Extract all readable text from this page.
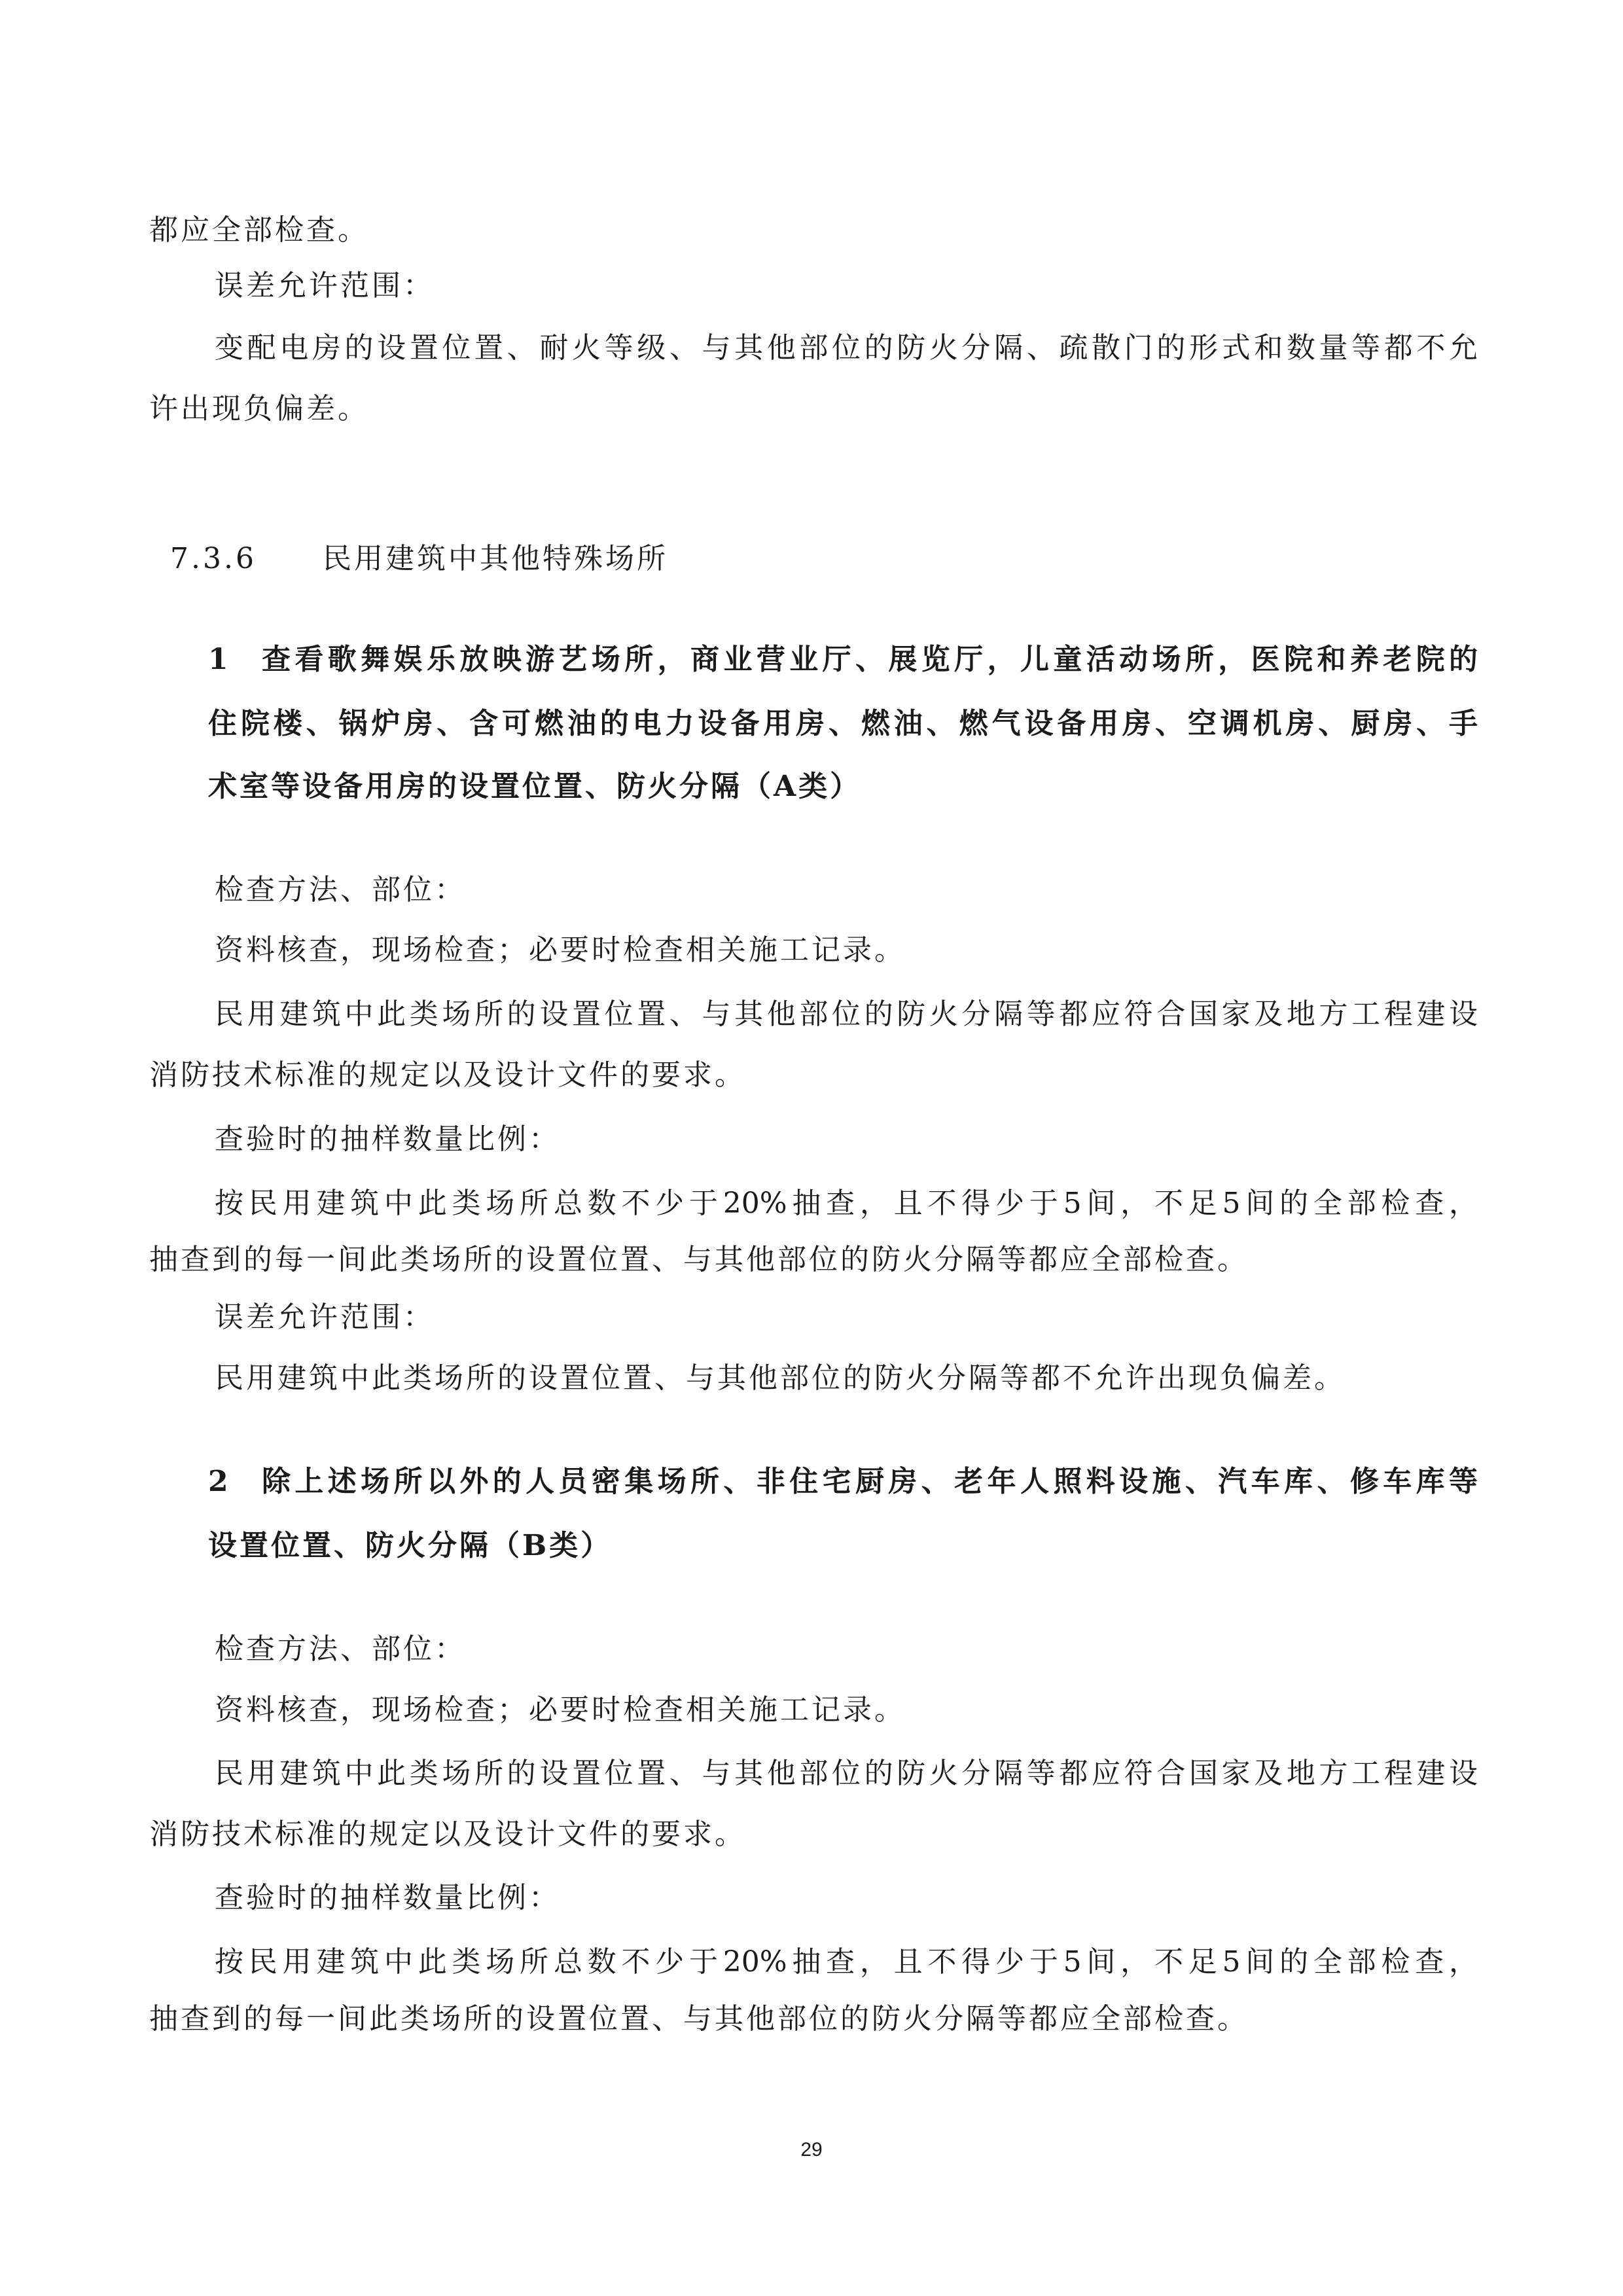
都应全部检查。

误差允许范围：

变配电房的设置位置、耐火等级、与其他部位的防火分隔、疏散门的形式和数量等都不允

许出现负偏差。

7.3.6 民用建筑中其他特殊场所

1 查看歌舞娱乐放映游艺场所，商业营业厅、展览厅，儿童活动场所，医院和养老院的

住院楼、锅炉房、含可燃油的电力设备用房、燃油、燃气设备用房、空调机房、厨房、手

术室等设备用房的设置位置、防火分隔（A类）

检查方法、部位：

资料核查，现场检查；必要时检查相关施工记录。

民用建筑中此类场所的设置位置、与其他部位的防火分隔等都应符合国家及地方工程建设

消防技术标准的规定以及设计文件的要求。

查验时的抽样数量比例：

按民用建筑中此类场所总数不少于20%抽查，且不得少于5间，不足5间的全部检查，

抽查到的每一间此类场所的设置位置、与其他部位的防火分隔等都应全部检查。

误差允许范围：

民用建筑中此类场所的设置位置、与其他部位的防火分隔等都不允许出现负偏差。

2 除上述场所以外的人员密集场所、非住宅厨房、老年人照料设施、汽车库、修车库等

设置位置、防火分隔（B类）

检查方法、部位：

资料核查，现场检查；必要时检查相关施工记录。

民用建筑中此类场所的设置位置、与其他部位的防火分隔等都应符合国家及地方工程建设

消防技术标准的规定以及设计文件的要求。

查验时的抽样数量比例：

按民用建筑中此类场所总数不少于20%抽查，且不得少于5间，不足5间的全部检查，

抽查到的每一间此类场所的设置位置、与其他部位的防火分隔等都应全部检查。

29
